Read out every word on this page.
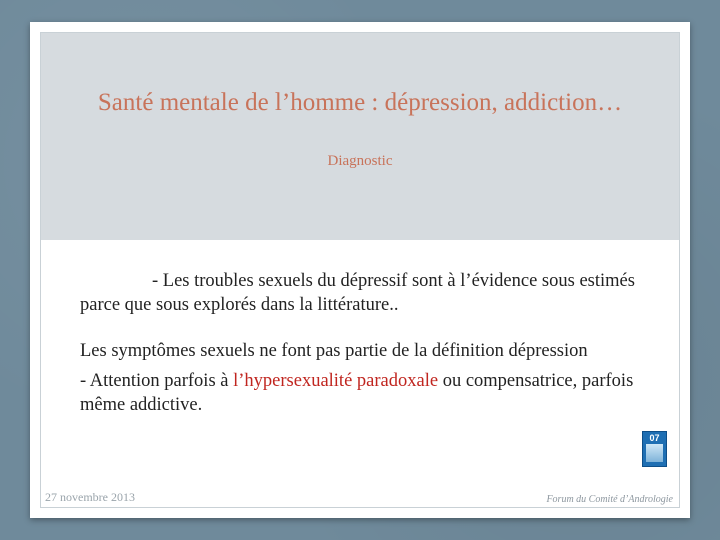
Santé mentale de l’homme : dépression, addiction…
Diagnostic

- Les troubles sexuels du dépressif sont à l’évidence sous estimés parce que sous explorés dans la littérature..

Les symptômes sexuels ne font pas partie de la définition dépression

- Attention parfois à l’hypersexualité paradoxale ou compensatrice, parfois même addictive.

07
27 novembre 2013	Forum du Comité d’Andrologie
